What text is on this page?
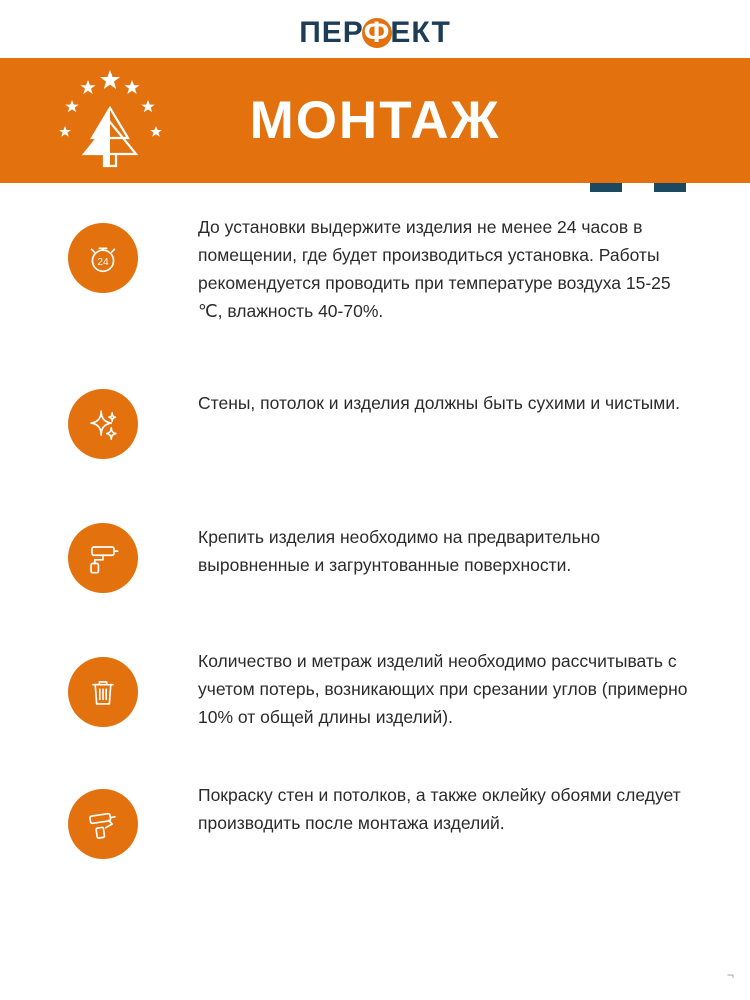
ПЕРФЕКТ
МОНТАЖ
24

До установки выдержите изделия не менее 24 часов в помещении, где будет производиться установка. Работы рекомендуется проводить при температуре воздуха 15-25 ℃, влажность 40-70%.

Стены, потолок и изделия должны быть сухими и чистыми.

Крепить изделия необходимо на предварительно выровненные и загрунтованные поверхности.

Количество и метраж изделий необходимо рассчитывать с учетом потерь, возникающих при срезании углов (примерно 10% от общей длины изделий).

Покраску стен и потолков, а также оклейку обоями следует производить после монтажа изделий.

¬
